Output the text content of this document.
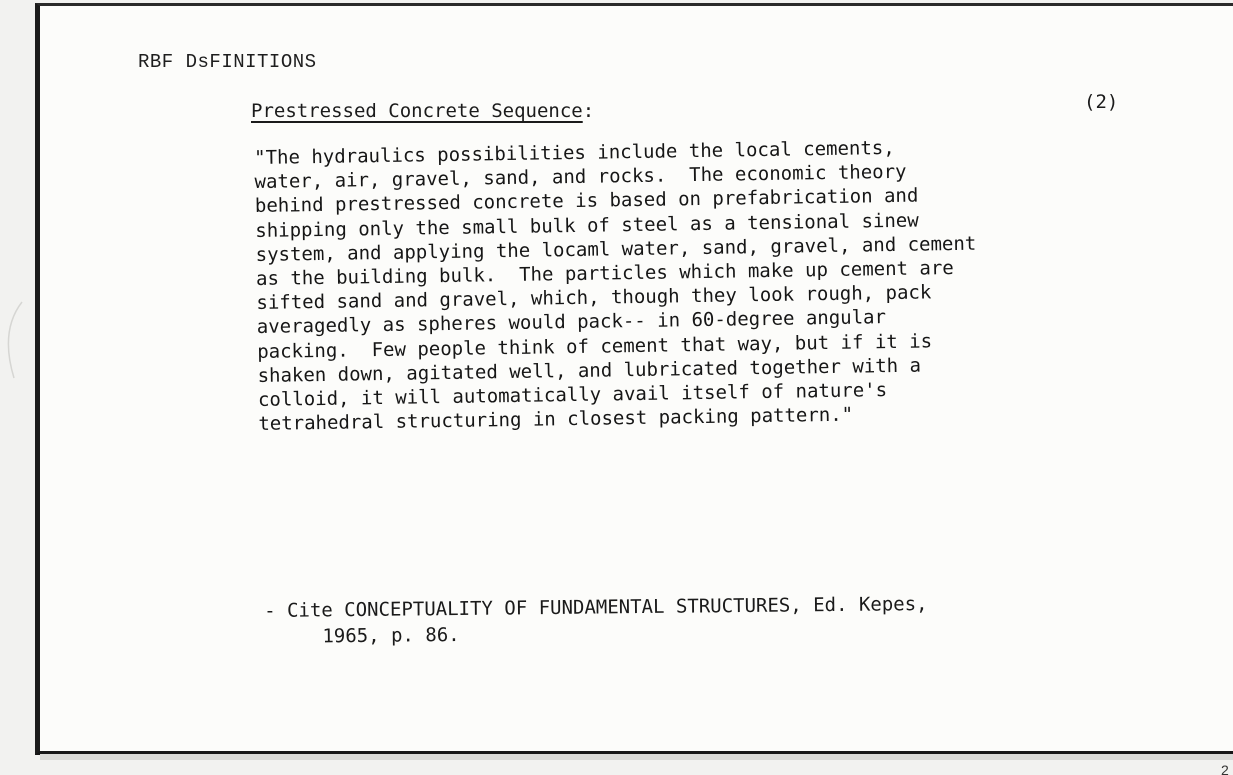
RBF DsFINITIONS
Prestressed Concrete Sequence:	(2)
"The hydraulics possibilities include the local cements,
water, air, gravel, sand, and rocks.  The economic theory
behind prestressed concrete is based on prefabrication and
shipping only the small bulk of steel as a tensional sinew
system, and applying the locaml water, sand, gravel, and cement
as the building bulk.  The particles which make up cement are
sifted sand and gravel, which, though they look rough, pack
averagedly as spheres would pack-- in 60-degree angular
packing.  Few people think of cement that way, but if it is
shaken down, agitated well, and lubricated together with a
colloid, it will automatically avail itself of nature's
tetrahedral structuring in closest packing pattern."
- Cite CONCEPTUALITY OF FUNDAMENTAL STRUCTURES, Ed. Kepes,
1965, p. 86.
2
